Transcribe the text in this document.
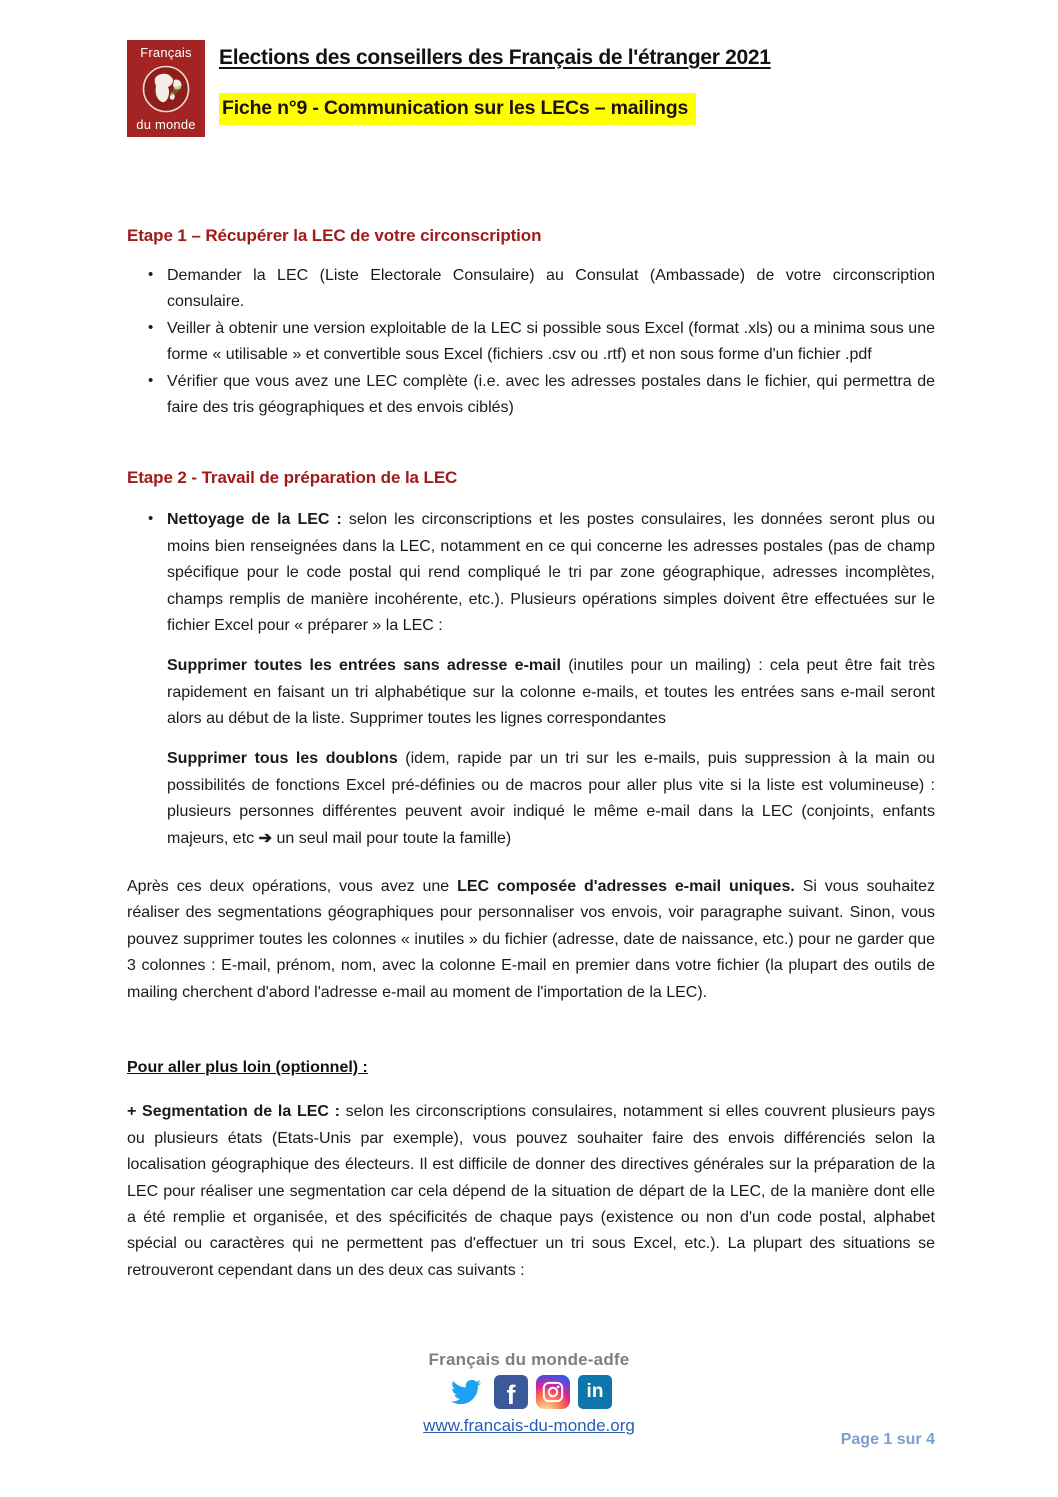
Français
adfe
du monde
Elections des conseillers des Français de l'étranger 2021
Fiche n°9 - Communication sur les LECs – mailings
Etape 1 – Récupérer la LEC de votre circonscription
• Demander la LEC (Liste Electorale Consulaire) au Consulat (Ambassade) de votre circonscription consulaire.
• Veiller à obtenir une version exploitable de la LEC si possible sous Excel (format .xls) ou a minima sous une forme « utilisable » et convertible sous Excel (fichiers .csv ou .rtf) et non sous forme d'un fichier .pdf
• Vérifier que vous avez une LEC complète (i.e. avec les adresses postales dans le fichier, qui permettra de faire des tris géographiques et des envois ciblés)
Etape 2 - Travail de préparation de la LEC
• Nettoyage de la LEC : selon les circonscriptions et les postes consulaires, les données seront plus ou moins bien renseignées dans la LEC, notamment en ce qui concerne les adresses postales (pas de champ spécifique pour le code postal qui rend compliqué le tri par zone géographique, adresses incomplètes, champs remplis de manière incohérente, etc.). Plusieurs opérations simples doivent être effectuées sur le fichier Excel pour « préparer » la LEC :

Supprimer toutes les entrées sans adresse e-mail (inutiles pour un mailing) : cela peut être fait très rapidement en faisant un tri alphabétique sur la colonne e-mails, et toutes les entrées sans e-mail seront alors au début de la liste. Supprimer toutes les lignes correspondantes

Supprimer tous les doublons (idem, rapide par un tri sur les e-mails, puis suppression à la main ou possibilités de fonctions Excel pré-définies ou de macros pour aller plus vite si la liste est volumineuse) : plusieurs personnes différentes peuvent avoir indiqué le même e-mail dans la LEC (conjoints, enfants majeurs, etc ➔ un seul mail pour toute la famille)

Après ces deux opérations, vous avez une LEC composée d'adresses e-mail uniques. Si vous souhaitez réaliser des segmentations géographiques pour personnaliser vos envois, voir paragraphe suivant. Sinon, vous pouvez supprimer toutes les colonnes « inutiles » du fichier (adresse, date de naissance, etc.) pour ne garder que 3 colonnes : E-mail, prénom, nom, avec la colonne E-mail en premier dans votre fichier (la plupart des outils de mailing cherchent d'abord l'adresse e-mail au moment de l'importation de la LEC).

Pour aller plus loin (optionnel) :

+ Segmentation de la LEC : selon les circonscriptions consulaires, notamment si elles couvrent plusieurs pays ou plusieurs états (Etats-Unis par exemple), vous pouvez souhaiter faire des envois différenciés selon la localisation géographique des électeurs. Il est difficile de donner des directives générales sur la préparation de la LEC pour réaliser une segmentation car cela dépend de la situation de départ de la LEC, de la manière dont elle a été remplie et organisée, et des spécificités de chaque pays (existence ou non d'un code postal, alphabet spécial ou caractères qui ne permettent pas d'effectuer un tri sous Excel, etc.). La plupart des situations se retrouveront cependant dans un des deux cas suivants :

Français du monde-adfe
f	in
www.francais-du-monde.org
Page 1 sur 4
